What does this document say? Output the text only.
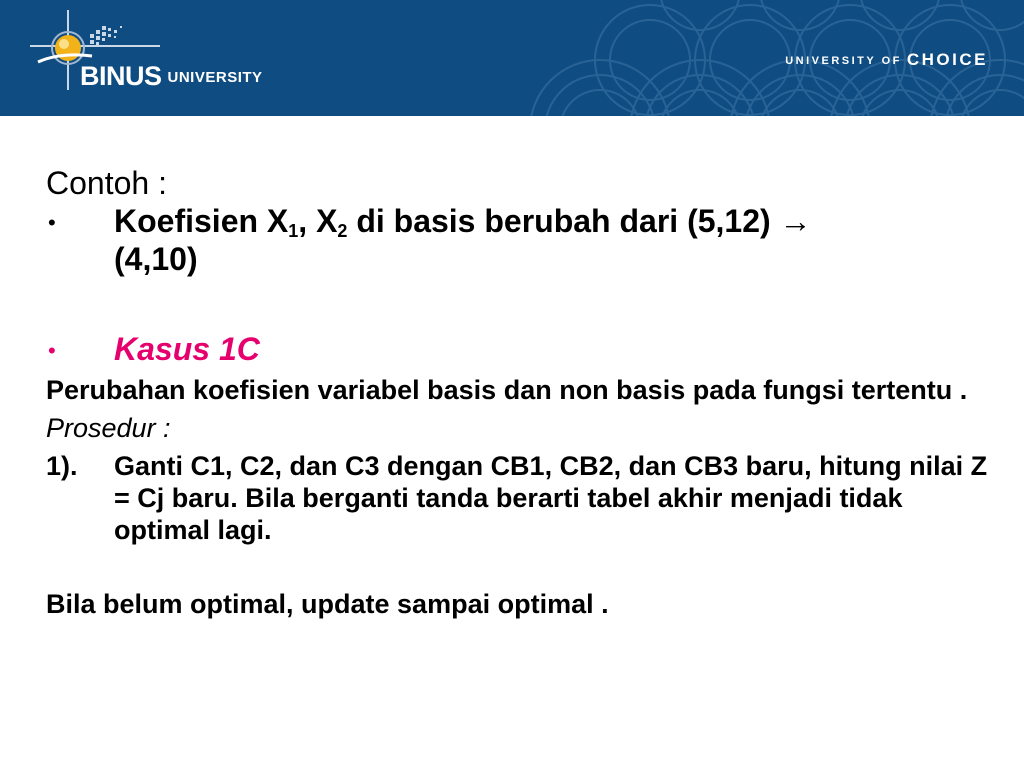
BINUS UNIVERSITY
UNIVERSITY OF CHOICE

Contoh :

• Koefisien $X_1$, $X_2$ di basis berubah dari (5,12) →
(4,10)
• Kasus 1C

Perubahan koefisien variabel basis dan non basis pada fungsi tertentu .

Prosedur :

1). Ganti C1, C2, dan C3 dengan CB1, CB2, dan CB3 baru, hitung nilai Z = Cj baru. Bila berganti tanda berarti tabel akhir menjadi tidak optimal lagi.

Bila belum optimal, update sampai optimal .
